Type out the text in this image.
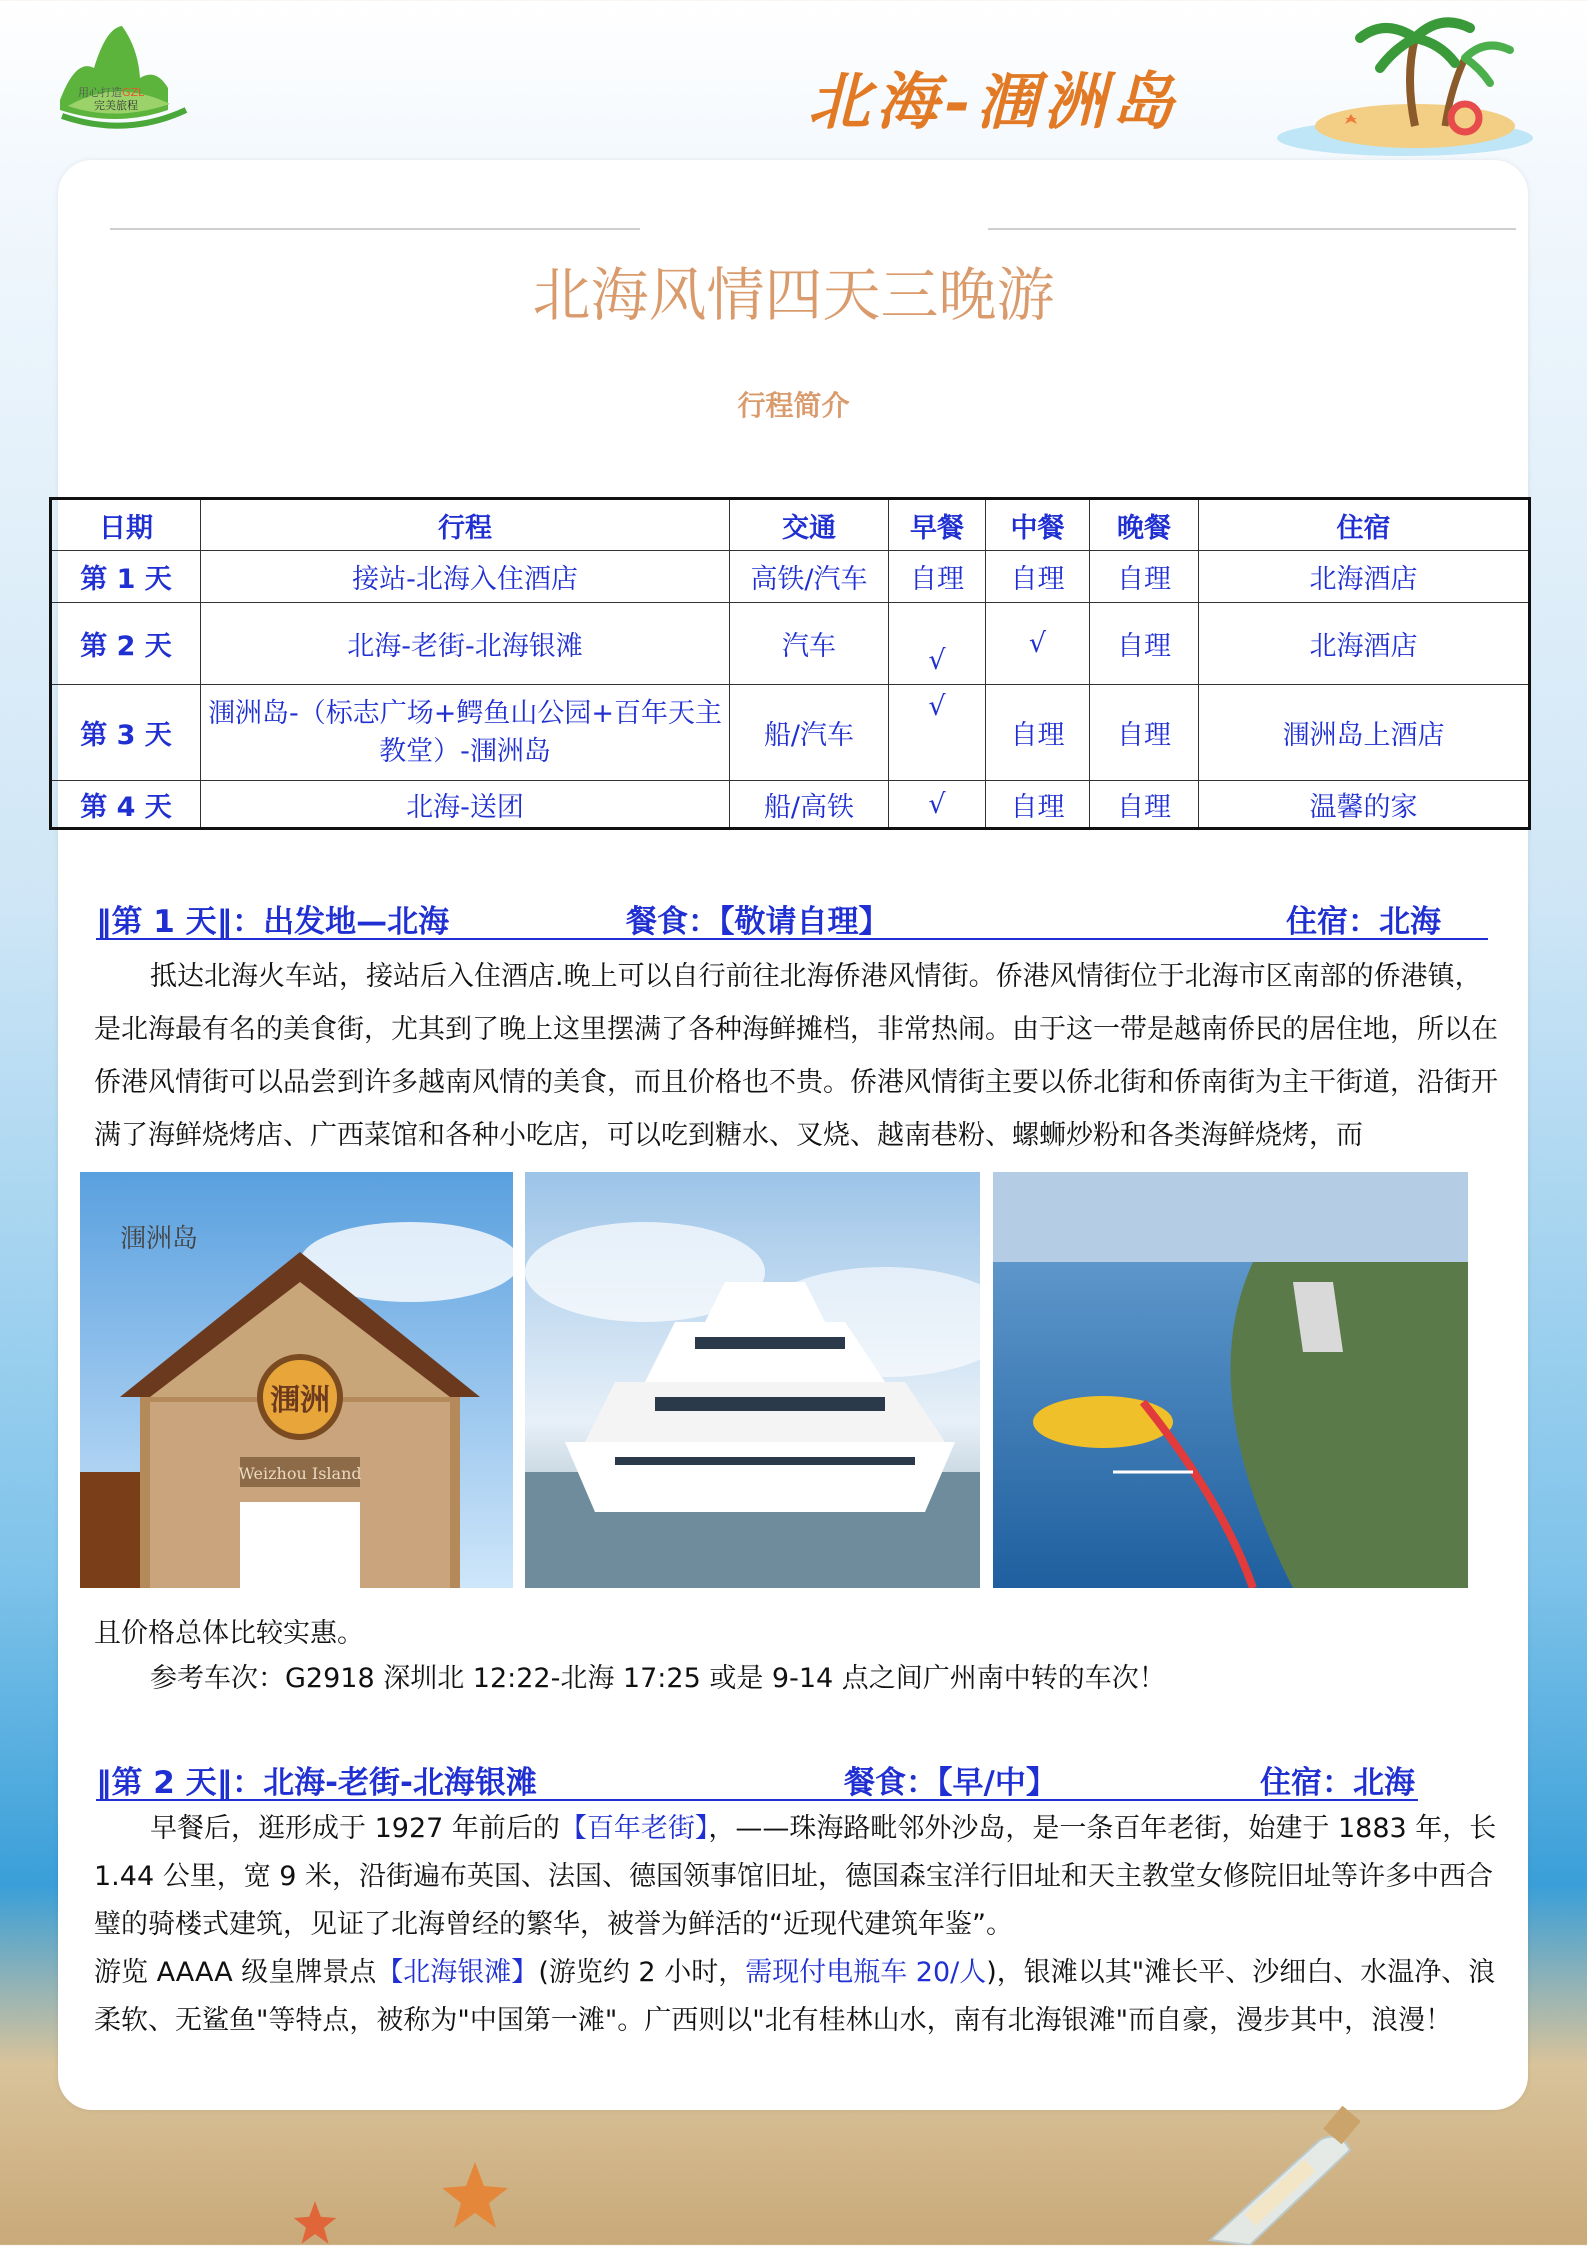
用心打造GZL
完美旅程	北海-涠洲岛
北海风情四天三晚游
行程简介
日期	行程	交通	早餐	中餐	晚餐	住宿
第 1 天	接站-北海入住酒店	高铁/汽车	自理	自理	自理	北海酒店
第 2 天	北海-老街-北海银滩	汽车	√	√	自理	北海酒店
第 3 天	涠洲岛-（标志广场+鳄鱼山公园+百年天主教堂）-涠洲岛	船/汽车	√	自理	自理	涠洲岛上酒店
第 4 天	北海-送团	船/高铁	√	自理	自理	温馨的家
‖第 1 天‖：出发地—北海	餐食：【敬请自理】	住宿：北海

抵达北海火车站，接站后入住酒店.晚上可以自行前往北海侨港风情街。侨港风情街位于北海市区南部的侨港镇，是北海最有名的美食街，尤其到了晚上这里摆满了各种海鲜摊档，非常热闹。由于这一带是越南侨民的居住地，所以在侨港风情街可以品尝到许多越南风情的美食，而且价格也不贵。侨港风情街主要以侨北街和侨南街为主干街道，沿街开满了海鲜烧烤店、广西菜馆和各种小吃店，可以吃到糖水、叉烧、越南巷粉、螺蛳炒粉和各类海鲜烧烤，而

涠洲岛
涠洲
Weizhou Island

且价格总体比较实惠。

参考车次：G2918 深圳北 12:22-北海 17:25 或是 9-14 点之间广州南中转的车次！

‖第 2 天‖：北海-老街-北海银滩	餐食：【早/中】	住宿：北海

早餐后，逛形成于 1927 年前后的【百年老街】，——珠海路毗邻外沙岛，是一条百年老街，始建于 1883 年，长 1.44 公里，宽 9 米，沿街遍布英国、法国、德国领事馆旧址，德国森宝洋行旧址和天主教堂女修院旧址等许多中西合璧的骑楼式建筑，见证了北海曾经的繁华，被誉为鲜活的“近现代建筑年鉴”。

游览 AAAA 级皇牌景点【北海银滩】(游览约 2 小时，需现付电瓶车 20/人)，银滩以其"滩长平、沙细白、水温净、浪柔软、无鲨鱼"等特点，被称为"中国第一滩"。广西则以"北有桂林山水，南有北海银滩"而自豪，漫步其中，浪漫！
